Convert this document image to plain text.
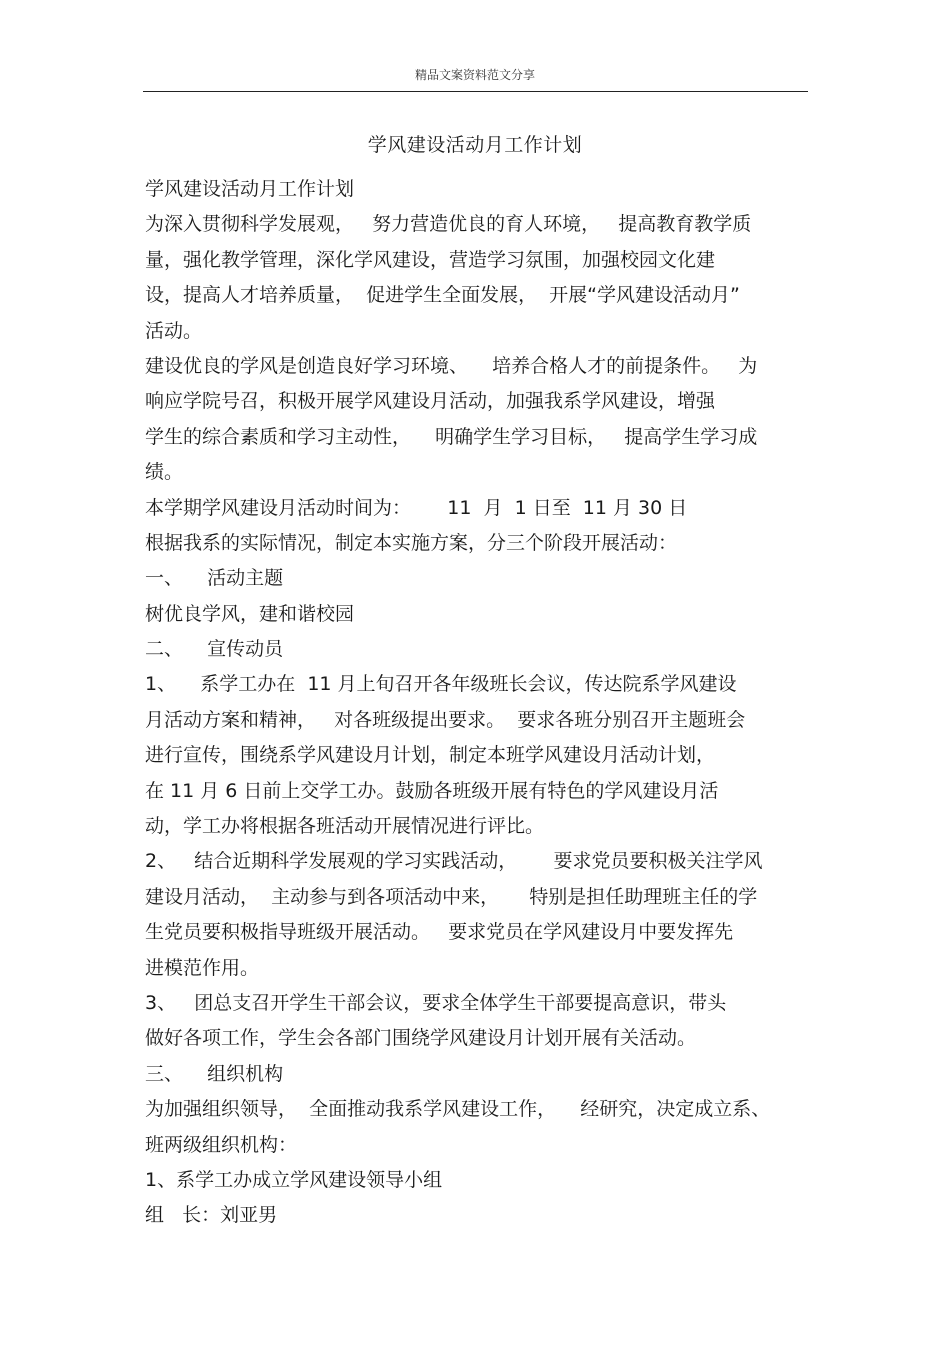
精品文案资料范文分享
学风建设活动月工作计划
学风建设活动月工作计划
为深入贯彻科学发展观，   努力营造优良的育人环境，   提高教育教学质
量，强化教学管理，深化学风建设，营造学习氛围，加强校园文化建
设，提高人才培养质量，  促进学生全面发展，  开展“学风建设活动月”
活动。
建设优良的学风是创造良好学习环境、    培养合格人才的前提条件。   为
响应学院号召，积极开展学风建设月活动，加强我系学风建设，增强
学生的综合素质和学习主动性，    明确学生学习目标，   提高学生学习成
绩。
本学期学风建设月活动时间为：      11  月  1 日至  11 月 30 日
根据我系的实际情况，制定本实施方案，分三个阶段开展活动：
一、    活动主题
树优良学风，建和谐校园
二、    宣传动员
1、    系学工办在  11 月上旬召开各年级班长会议，传达院系学风建设
月活动方案和精神，   对各班级提出要求。  要求各班分别召开主题班会
进行宣传，围绕系学风建设月计划，制定本班学风建设月活动计划，
在 11 月 6 日前上交学工办。鼓励各班级开展有特色的学风建设月活
动，学工办将根据各班活动开展情况进行评比。
2、   结合近期科学发展观的学习实践活动，      要求党员要积极关注学风
建设月活动，  主动参与到各项活动中来，     特别是担任助理班主任的学
生党员要积极指导班级开展活动。   要求党员在学风建设月中要发挥先
进模范作用。
3、   团总支召开学生干部会议，要求全体学生干部要提高意识，带头
做好各项工作，学生会各部门围绕学风建设月计划开展有关活动。
三、    组织机构
为加强组织领导，  全面推动我系学风建设工作，    经研究，决定成立系、
班两级组织机构：
1、系学工办成立学风建设领导小组
组   长：刘亚男
